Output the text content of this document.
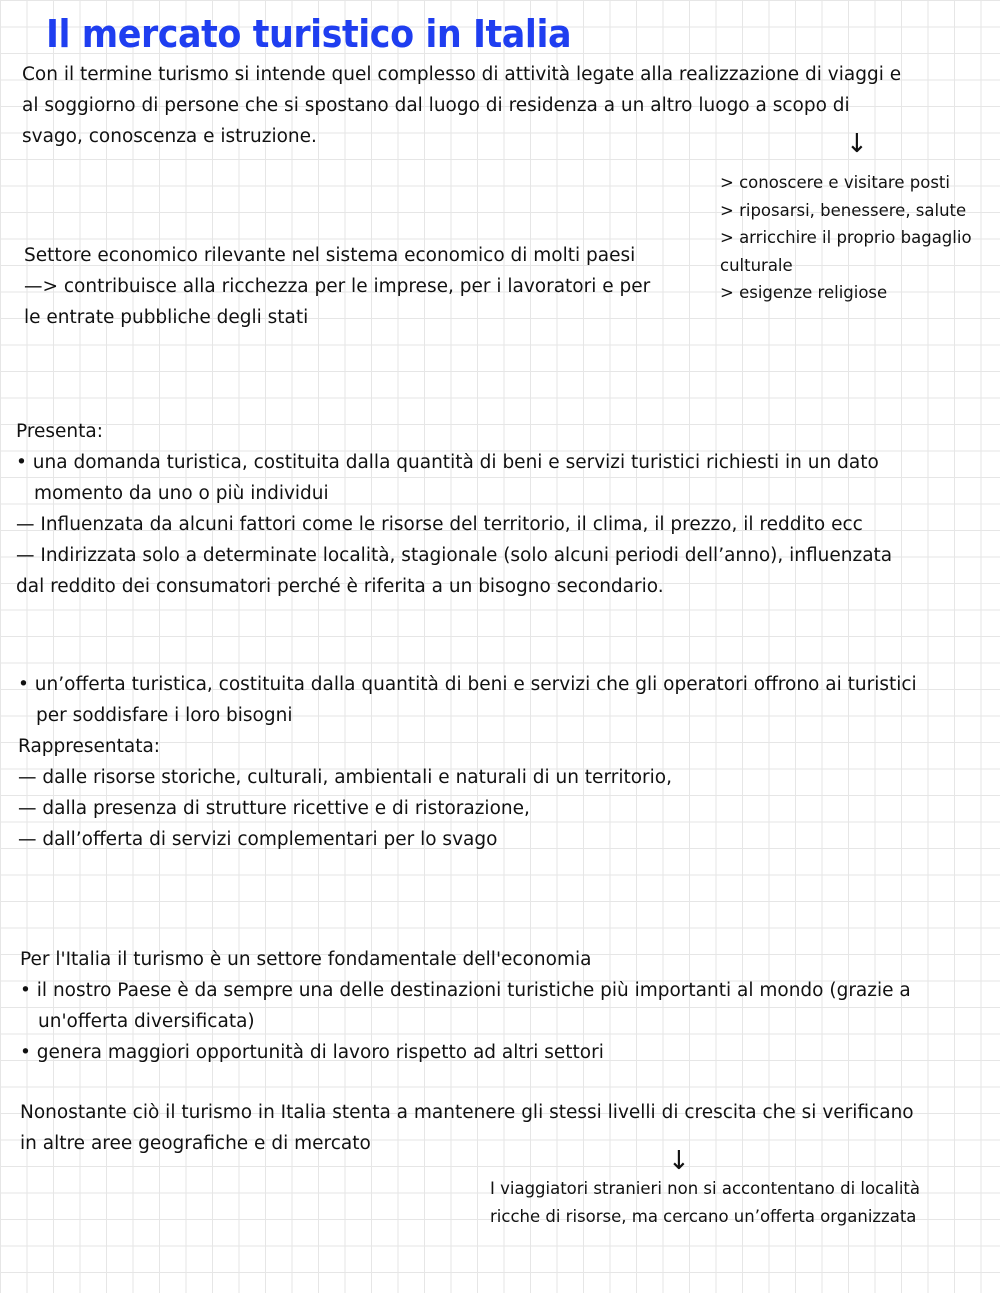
Il mercato turistico in Italia
Con il termine turismo si intende quel complesso di attività legate alla realizzazione di viaggi e
al soggiorno di persone che si spostano dal luogo di residenza a un altro luogo a scopo di
svago, conoscenza e istruzione.	↓
> conoscere e visitare posti
> riposarsi, benessere, salute
> arricchire il proprio bagaglio
culturale
> esigenze religiose
Settore economico rilevante nel sistema economico di molti paesi
—> contribuisce alla ricchezza per le imprese, per i lavoratori e per
le entrate pubbliche degli stati
Presenta:
• una domanda turistica, costituita dalla quantità di beni e servizi turistici richiesti in un dato
momento da uno o più individui
— Influenzata da alcuni fattori come le risorse del territorio, il clima, il prezzo, il reddito ecc
— Indirizzata solo a determinate località, stagionale (solo alcuni periodi dell’anno), influenzata
dal reddito dei consumatori perché è riferita a un bisogno secondario.
• un’offerta turistica, costituita dalla quantità di beni e servizi che gli operatori offrono ai turistici
per soddisfare i loro bisogni
Rappresentata:
— dalle risorse storiche, culturali, ambientali e naturali di un territorio,
— dalla presenza di strutture ricettive e di ristorazione,
— dall’offerta di servizi complementari per lo svago
Per l'Italia il turismo è un settore fondamentale dell'economia
• il nostro Paese è da sempre una delle destinazioni turistiche più importanti al mondo (grazie a
un'offerta diversificata)
• genera maggiori opportunità di lavoro rispetto ad altri settori
Nonostante ciò il turismo in Italia stenta a mantenere gli stessi livelli di crescita che si verificano
in altre aree geografiche e di mercato
↓
I viaggiatori stranieri non si accontentano di località
ricche di risorse, ma cercano un’offerta organizzata
